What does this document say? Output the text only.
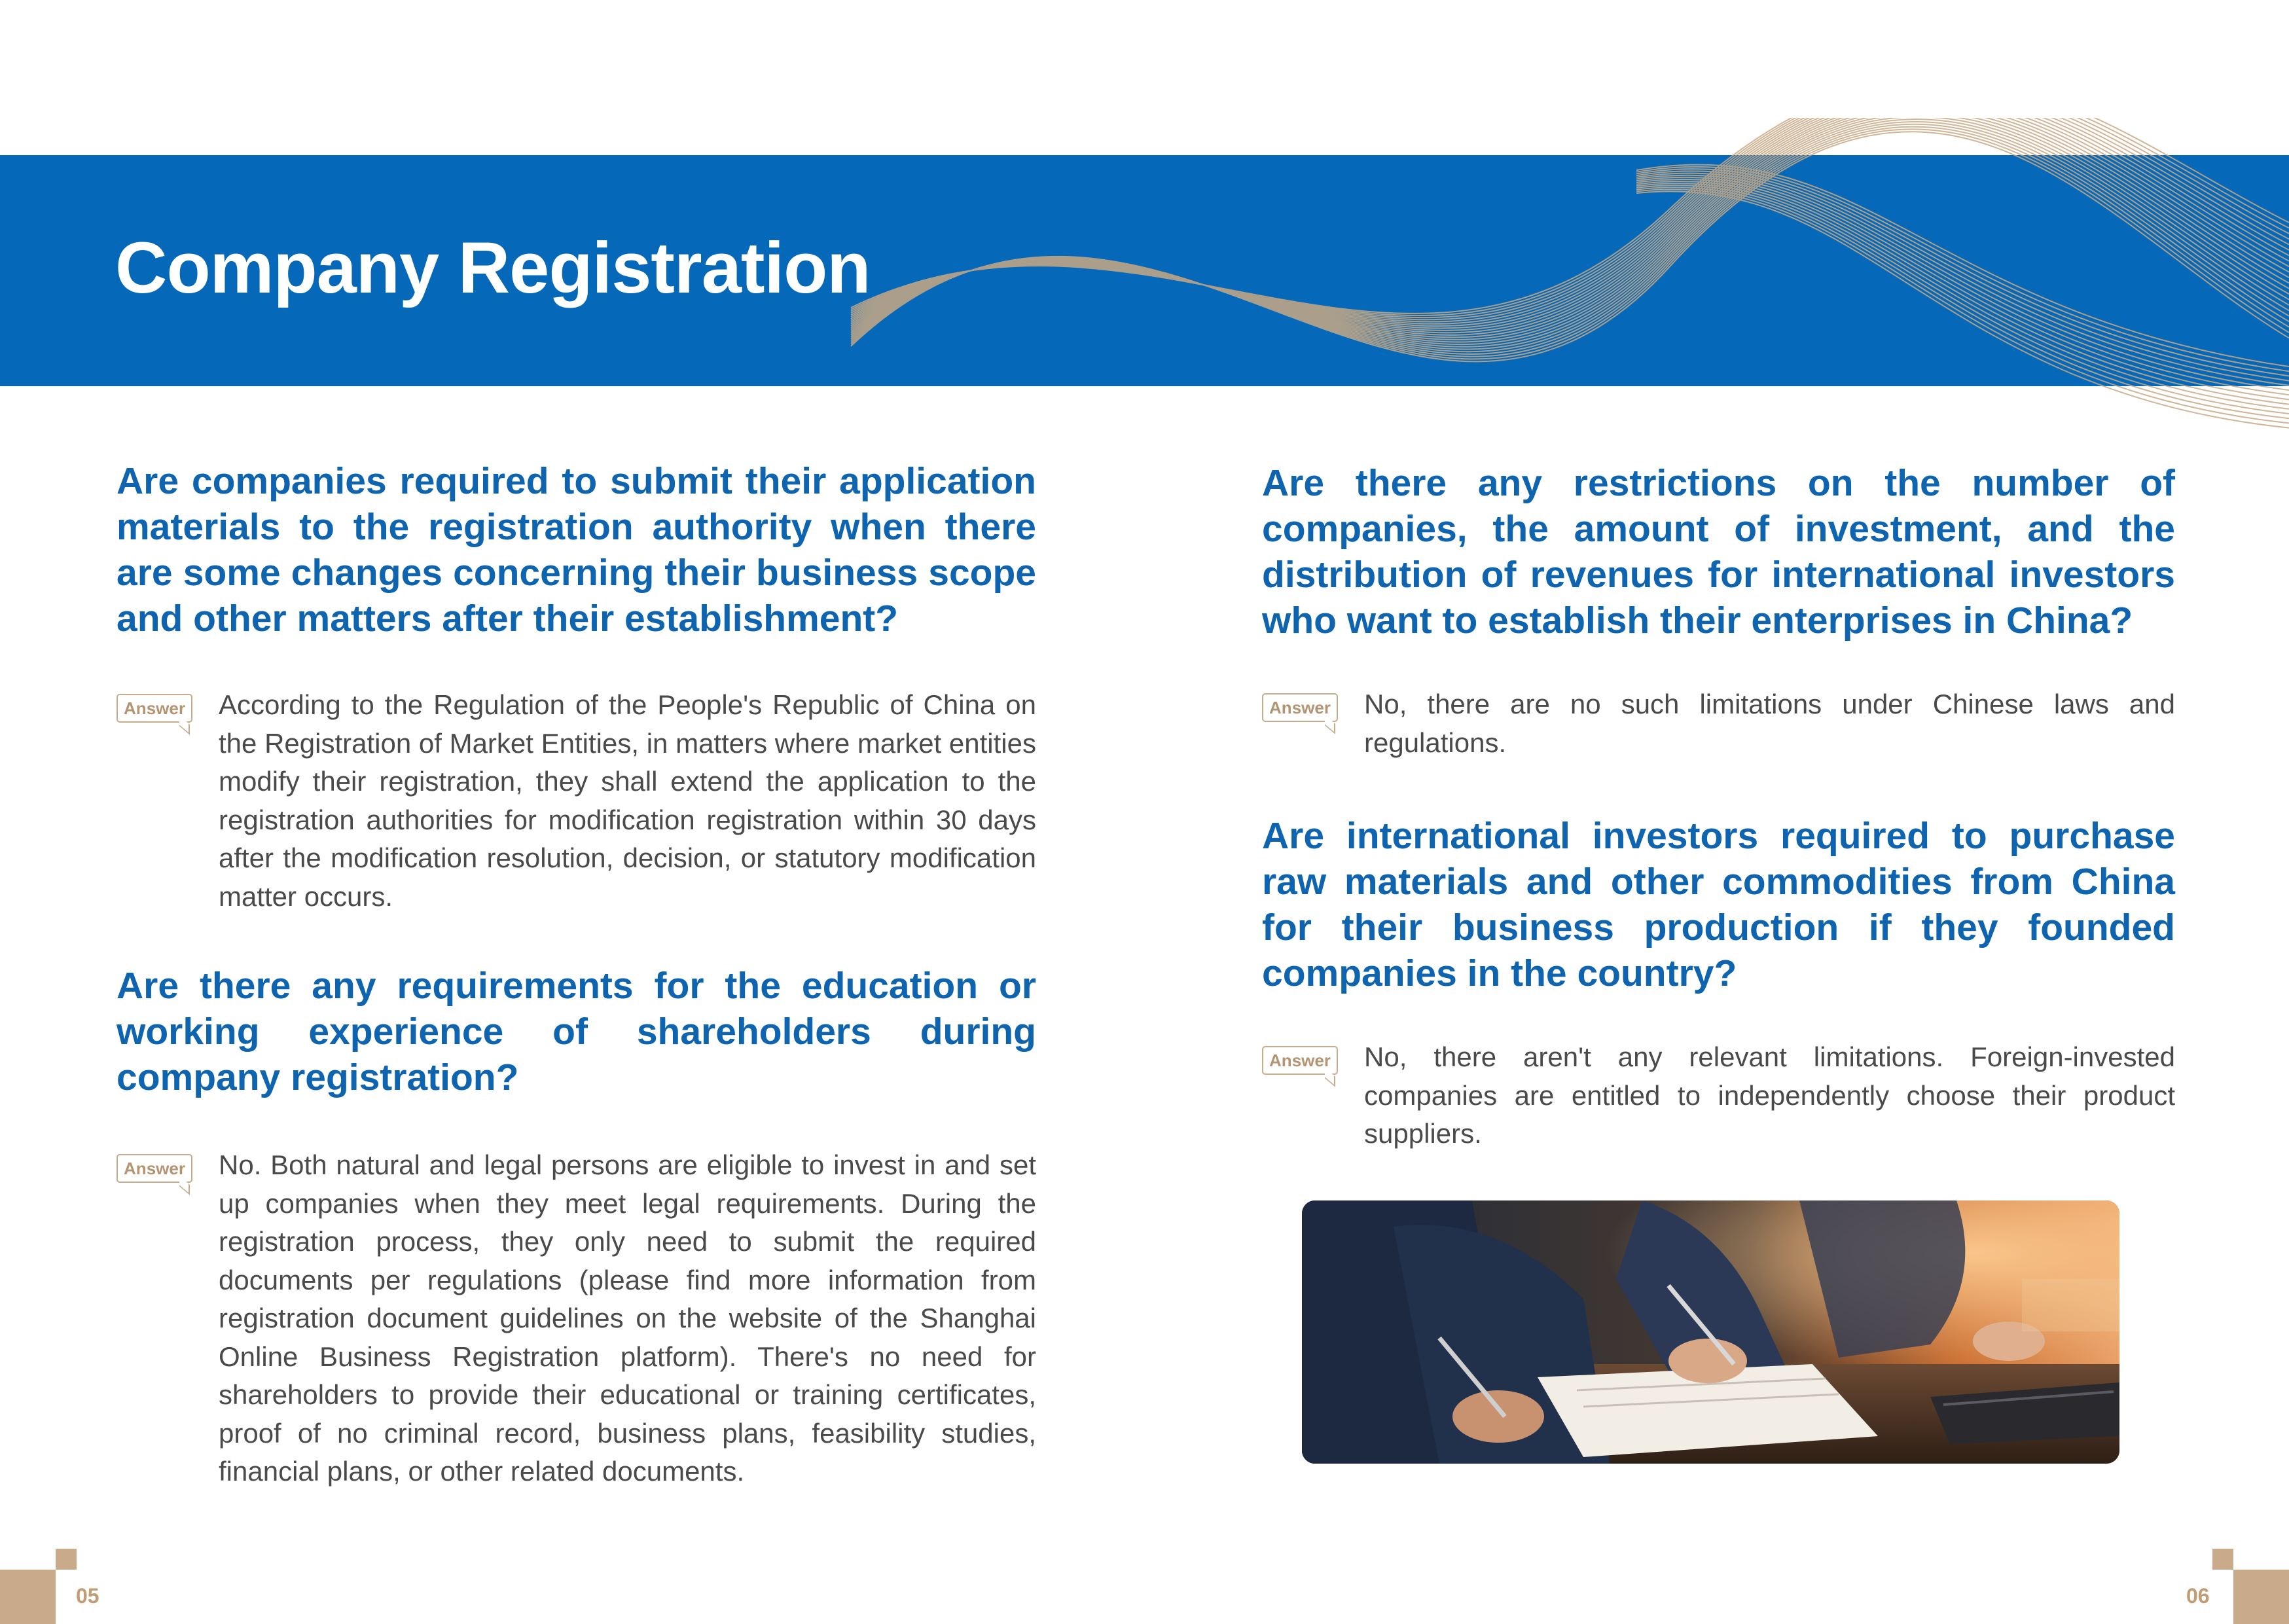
Company Registration

Are companies required to submit their application materials to the registration authority when there are some changes concerning their business scope and other matters after their establishment?

Answer According to the Regulation of the People's Republic of China on the Registration of Market Entities, in matters where market entities modify their registration, they shall extend the application to the registration authorities for modification registration within 30 days after the modification resolution, decision, or statutory modification matter occurs.

Are there any requirements for the education or working experience of shareholders during company registration?

Answer No. Both natural and legal persons are eligible to invest in and set up companies when they meet legal requirements. During the registration process, they only need to submit the required documents per regulations (please find more information from registration document guidelines on the website of the Shanghai Online Business Registration platform). There's no need for shareholders to provide their educational or training certificates, proof of no criminal record, business plans, feasibility studies, financial plans, or other related documents.

Are there any restrictions on the number of companies, the amount of investment, and the distribution of revenues for international investors who want to establish their enterprises in China?

Answer No, there are no such limitations under Chinese laws and regulations.

Are international investors required to purchase raw materials and other commodities from China for their business production if they founded companies in the country?

Answer No, there aren't any relevant limitations. Foreign-invested companies are entitled to independently choose their product suppliers.

05	06
